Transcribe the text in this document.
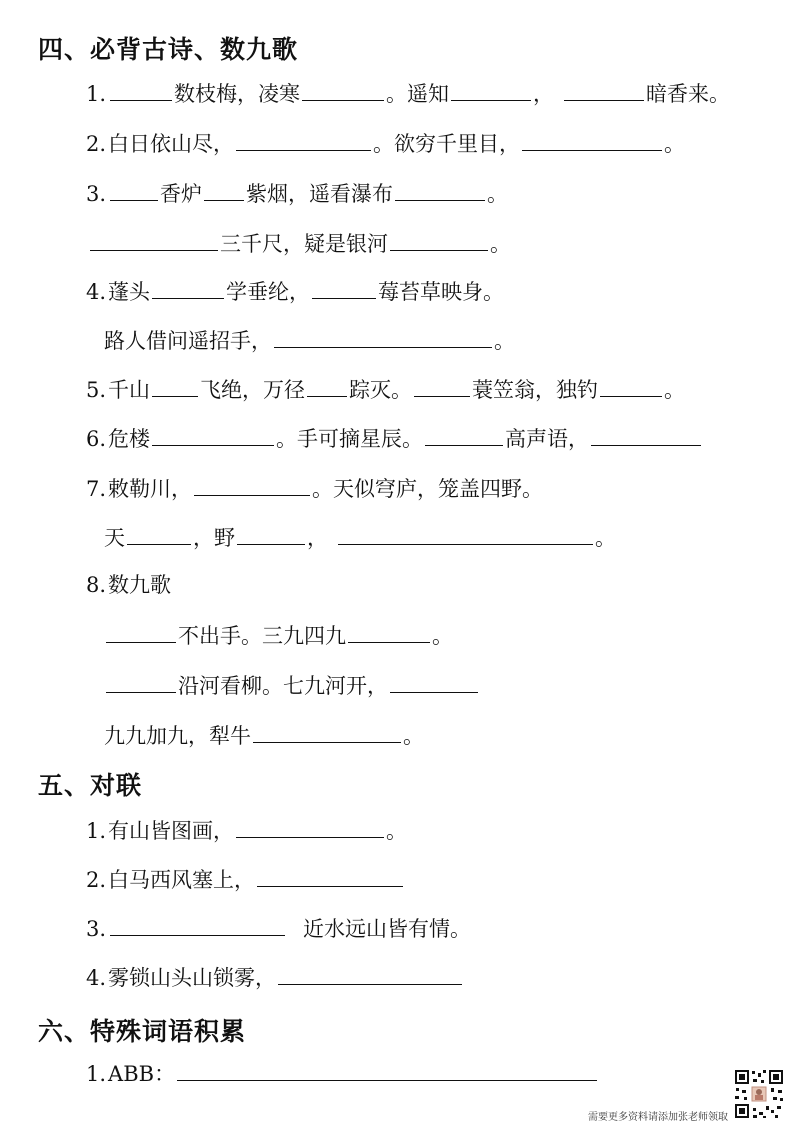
四、必背古诗、数九歌
1.	数枝梅，凌寒	。遥知	，	暗香来。
2.白日依山尽，	。欲穷千里目，	。
3.	香炉 紫烟，遥看瀑布	。
三千尺，疑是银河	。
4.蓬头	学垂纶，	莓苔草映身。
路人借问遥招手，	。
5.千山 飞绝，万径 踪灭。	蓑笠翁，独钓	。
6.危楼	。手可摘星辰。	高声语，
7.敕勒川，	。天似穹庐，笼盖四野。
天	，野	，	。
8.数九歌
不出手。三九四九	。
沿河看柳。七九河开，
九九加九，犁牛	。
五、对联
1.有山皆图画，	。
2.白马西风塞上，
3.	近水远山皆有情。
4.雾锁山头山锁雾，
六、特殊词语积累
1.ABB：
需要更多资料请添加张老师领取
